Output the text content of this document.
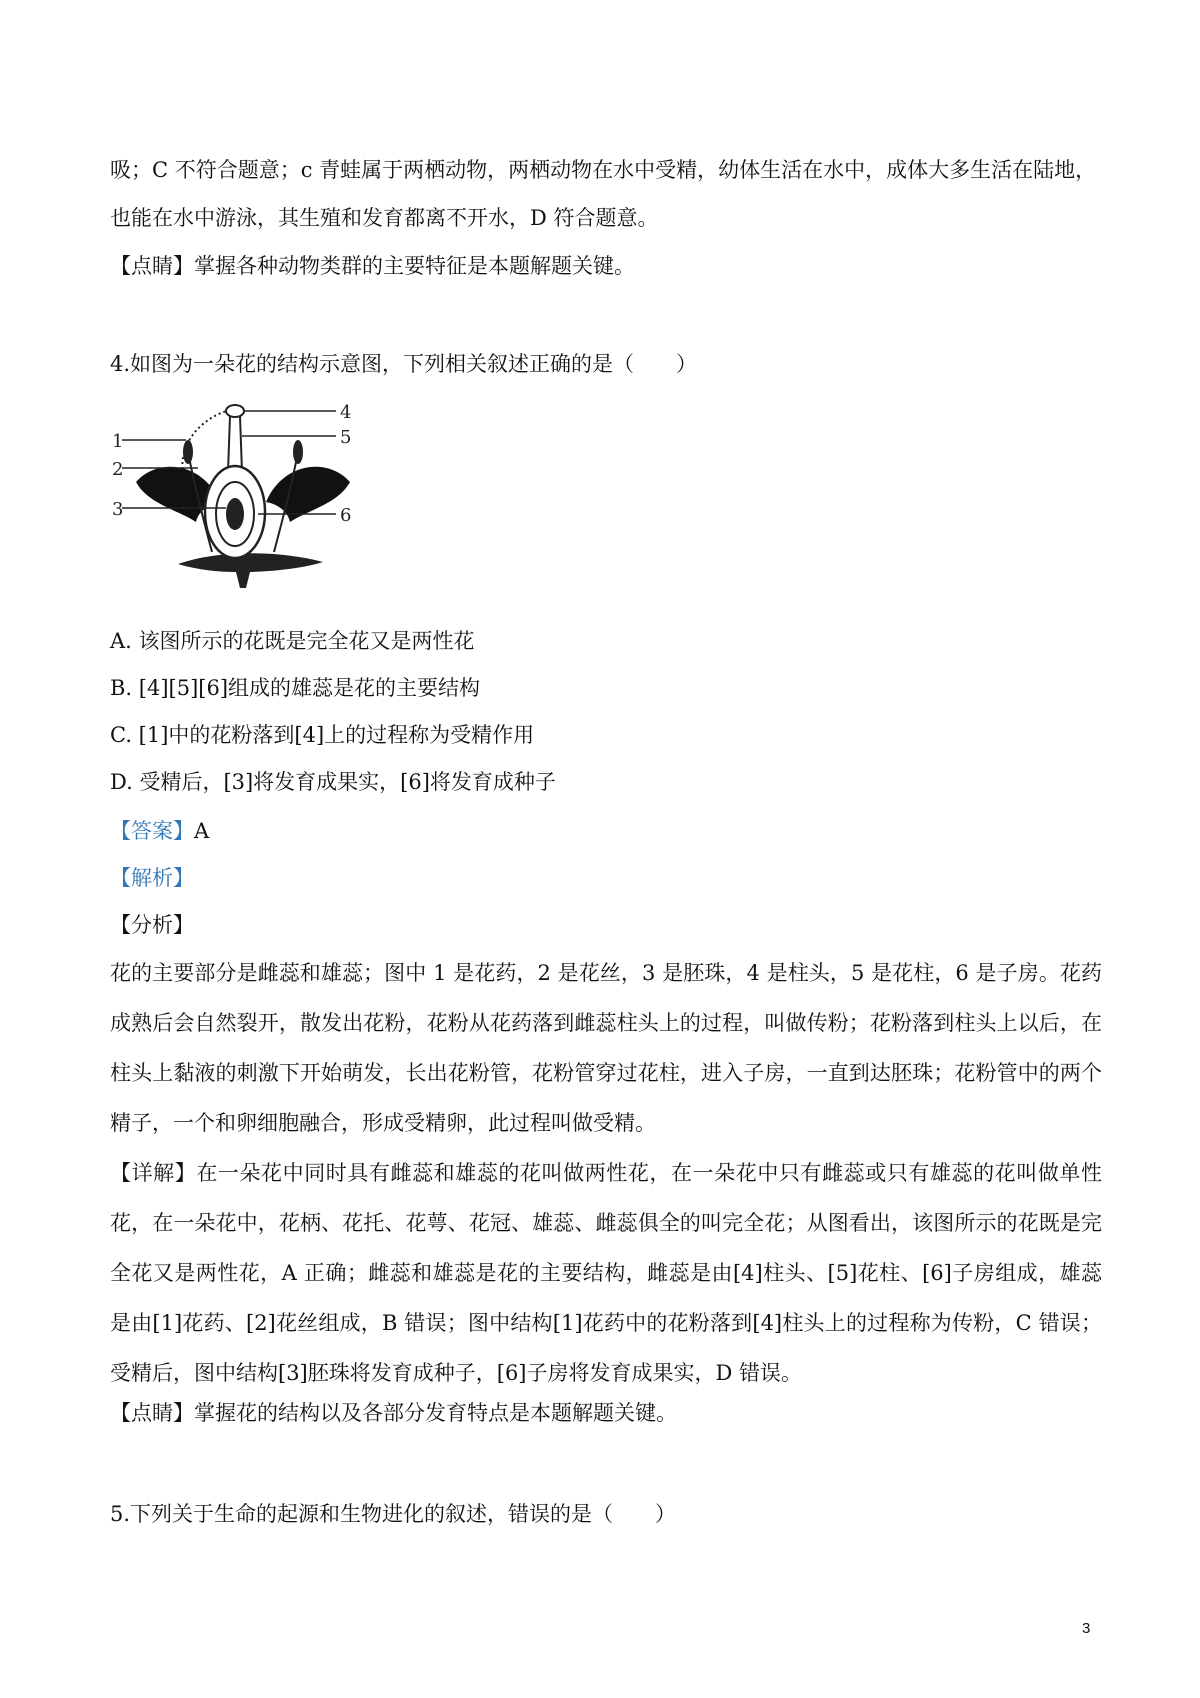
吸；C 不符合题意；c 青蛙属于两栖动物，两栖动物在水中受精，幼体生活在水中，成体大多生活在陆地，
也能在水中游泳，其生殖和发育都离不开水，D 符合题意。
【点睛】掌握各种动物类群的主要特征是本题解题关键。
4.如图为一朵花的结构示意图，下列相关叙述正确的是（　　）
1
2
3
4
5
6
A. 该图所示的花既是完全花又是两性花
B. [4][5][6]组成的雄蕊是花的主要结构
C. [1]中的花粉落到[4]上的过程称为受精作用
D. 受精后，[3]将发育成果实，[6]将发育成种子
【答案】A
【解析】
【分析】
花的主要部分是雌蕊和雄蕊；图中 1 是花药，2 是花丝，3 是胚珠，4 是柱头，5 是花柱，6 是子房。花药成熟后会自然裂开，散发出花粉，花粉从花药落到雌蕊柱头上的过程，叫做传粉；花粉落到柱头上以后，在柱头上黏液的刺激下开始萌发，长出花粉管，花粉管穿过花柱，进入子房，一直到达胚珠；花粉管中的两个精子，一个和卵细胞融合，形成受精卵，此过程叫做受精。
【详解】在一朵花中同时具有雌蕊和雄蕊的花叫做两性花，在一朵花中只有雌蕊或只有雄蕊的花叫做单性花，在一朵花中，花柄、花托、花萼、花冠、雄蕊、雌蕊俱全的叫完全花；从图看出，该图所示的花既是完全花又是两性花，A 正确；雌蕊和雄蕊是花的主要结构，雌蕊是由[4]柱头、[5]花柱、[6]子房组成，雄蕊是由[1]花药、[2]花丝组成，B 错误；图中结构[1]花药中的花粉落到[4]柱头上的过程称为传粉，C 错误；受精后，图中结构[3]胚珠将发育成种子，[6]子房将发育成果实，D 错误。
【点睛】掌握花的结构以及各部分发育特点是本题解题关键。
5.下列关于生命的起源和生物进化的叙述，错误的是（　　）
3
